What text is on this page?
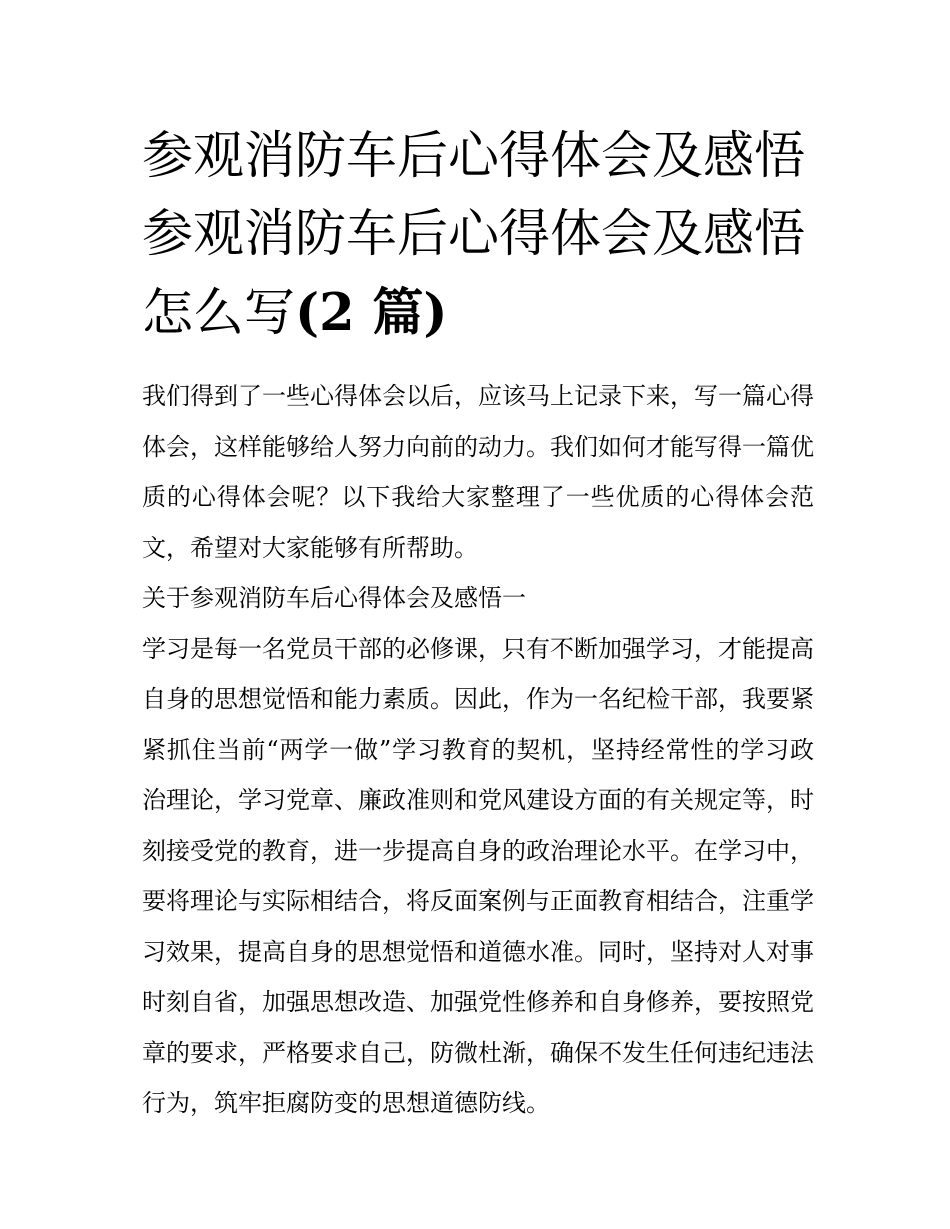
参观消防车后心得体会及感悟
参观消防车后心得体会及感悟
怎么写(2 篇)

我们得到了一些心得体会以后，应该马上记录下来，写一篇心得体会，这样能够给人努力向前的动力。我们如何才能写得一篇优质的心得体会呢？以下我给大家整理了一些优质的心得体会范文，希望对大家能够有所帮助。

关于参观消防车后心得体会及感悟一

学习是每一名党员干部的必修课，只有不断加强学习，才能提高自身的思想觉悟和能力素质。因此，作为一名纪检干部，我要紧紧抓住当前“两学一做”学习教育的契机，坚持经常性的学习政治理论，学习党章、廉政准则和党风建设方面的有关规定等，时刻接受党的教育，进一步提高自身的政治理论水平。在学习中，要将理论与实际相结合，将反面案例与正面教育相结合，注重学习效果，提高自身的思想觉悟和道德水准。同时，坚持对人对事时刻自省，加强思想改造、加强党性修养和自身修养，要按照党章的要求，严格要求自己，防微杜渐，确保不发生任何违纪违法行为，筑牢拒腐防变的思想道德防线。
